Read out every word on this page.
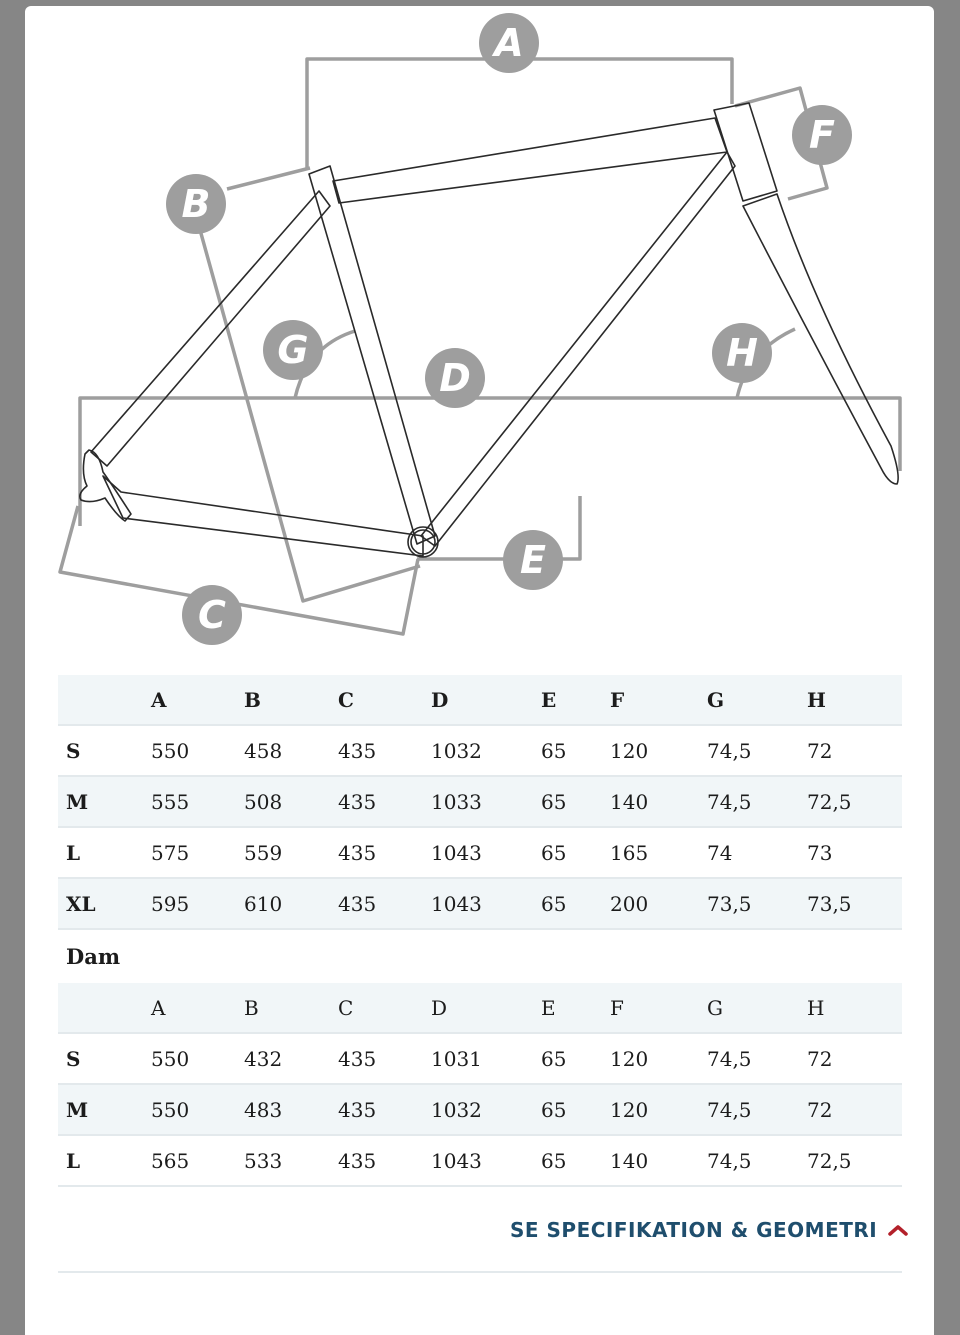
A
B
C
D
E
F
G	H
	A	B	C	D	E	F	G	H
S	550	458	435	1032	65	120	74,5	72
M	555	508	435	1033	65	140	74,5	72,5
L	575	559	435	1043	65	165	74	73
XL	595	610	435	1043	65	200	73,5	73,5
Dam
	A	B	C	D	E	F	G	H
S	550	432	435	1031	65	120	74,5	72
M	550	483	435	1032	65	120	74,5	72
L	565	533	435	1043	65	140	74,5	72,5
SE SPECIFIKATION & GEOMETRI
